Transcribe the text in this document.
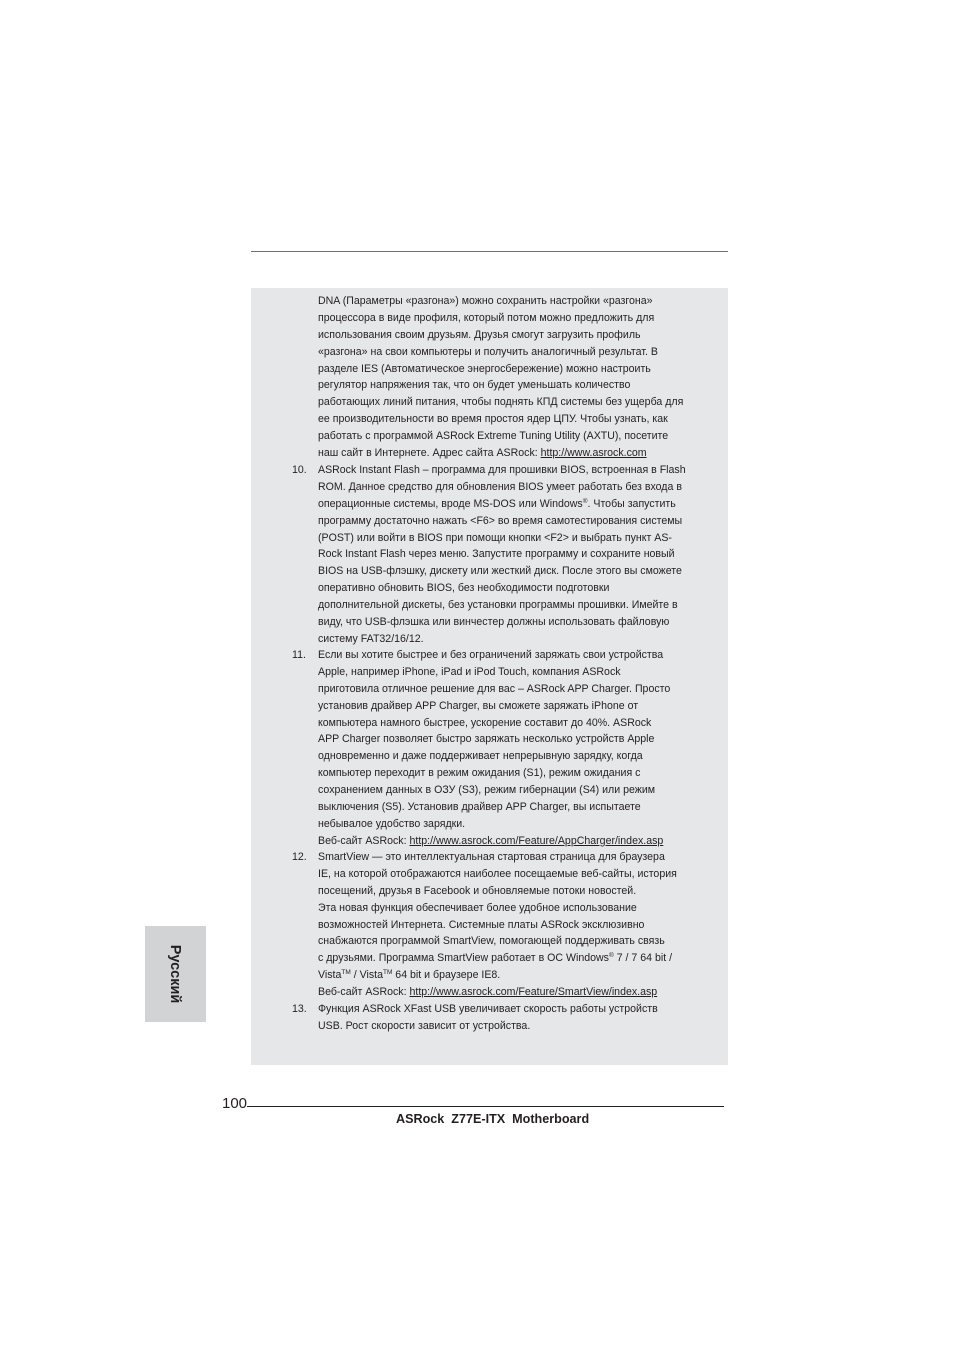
DNA (Параметры «разгона») можно сохранить настройки «разгона»
процессора в виде профиля, который потом можно предложить для
использования своим друзьям. Друзья смогут загрузить профиль
«разгона» на свои компьютеры и получить аналогичный результат. В
разделе IES (Автоматическое энергосбережение) можно настроить
регулятор напряжения так, что он будет уменьшать количество
работающих линий питания, чтобы поднять КПД системы без ущерба для
ее производительности во время простоя ядер ЦПУ. Чтобы узнать, как
работать с программой ASRock Extreme Tuning Utility (AXTU), посетите
наш сайт в Интернете. Адрес сайта ASRock: http://www.asrock.com
10. ASRock Instant Flash – программа для прошивки BIOS, встроенная в Flash
ROM. Данное средство для обновления BIOS умеет работать без входа в
операционные системы, вроде MS-DOS или Windows®. Чтобы запустить
программу достаточно нажать <F6> во время самотестирования системы
(POST) или войти в BIOS при помощи кнопки <F2> и выбрать пункт AS-
Rock Instant Flash через меню. Запустите программу и сохраните новый
BIOS на USB-флэшку, дискету или жесткий диск. После этого вы сможете
оперативно обновить BIOS, без необходимости подготовки
дополнительной дискеты, без установки программы прошивки. Имейте в
виду, что USB-флэшка или винчестер должны использовать файловую
систему FAT32/16/12.
11. Если вы хотите быстрее и без ограничений заряжать свои устройства
Apple, например iPhone, iPad и iPod Touch, компания ASRock
приготовила отличное решение для вас – ASRock APP Charger. Просто
установив драйвер APP Charger, вы сможете заряжать iPhone от
компьютера намного быстрее, ускорение составит до 40%. ASRock
APP Charger позволяет быстро заряжать несколько устройств Apple
одновременно и даже поддерживает непрерывную зарядку, когда
компьютер переходит в режим ожидания (S1), режим ожидания с
сохранением данных в ОЗУ (S3), режим гибернации (S4) или режим
выключения (S5). Установив драйвер APP Charger, вы испытаете
небывалое удобство зарядки.
Веб-сайт ASRock: http://www.asrock.com/Feature/AppCharger/index.asp
12. SmartView — это интеллектуальная стартовая страница для браузера
IE, на которой отображаются наиболее посещаемые веб-сайты, история
посещений, друзья в Facebook и обновляемые потоки новостей.
Эта новая функция обеспечивает более удобное использование
возможностей Интернета. Системные платы ASRock эксклюзивно
снабжаются программой SmartView, помогающей поддерживать связь
с друзьями. Программа SmartView работает в ОС Windows® 7 / 7 64 bit /
Vista™ / Vista™ 64 bit и браузере IE8.
Веб-сайт ASRock: http://www.asrock.com/Feature/SmartView/index.asp
13. Функция ASRock XFast USB увеличивает скорость работы устройств
USB. Рост скорости зависит от устройства.
Русский
100
ASRock  Z77E-ITX  Motherboard
